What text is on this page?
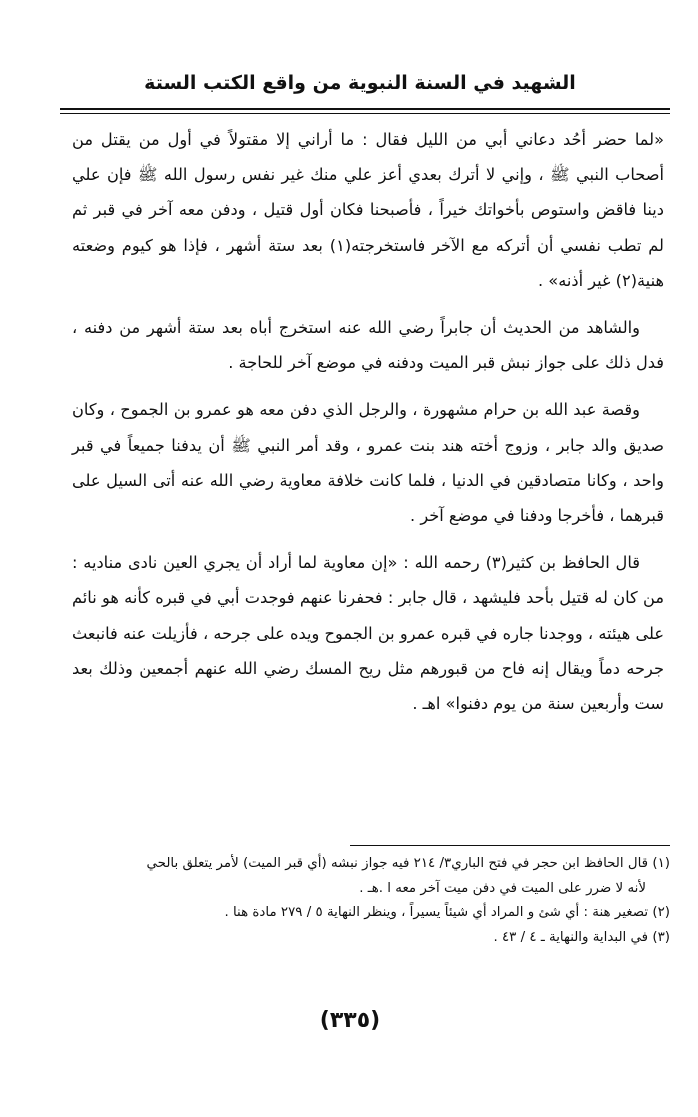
الشهيد في السنة النبوية من واقع الكتب الستة

«لما حضر أحُد دعاني أبي من الليل فقال : ما أراني إلا مقتولاً في أول من يقتل من أصحاب النبي ﷺ ، وإني لا أترك بعدي أعز علي منك غير نفس رسول الله ﷺ فإن علي دينا فاقض واستوص بأخواتك خيراً ، فأصبحنا فكان أول قتيل ، ودفن معه آخر في قبر ثم لم تطب نفسي أن أتركه مع الآخر فاستخرجته(١) بعد ستة أشهر ، فإذا هو كيوم وضعته هنية(٢) غير أذنه» .

والشاهد من الحديث أن جابراً رضي الله عنه استخرج أباه بعد ستة أشهر من دفنه ، فدل ذلك على جواز نبش قبر الميت ودفنه في موضع آخر للحاجة .

وقصة عبد الله بن حرام مشهورة ، والرجل الذي دفن معه هو عمرو بن الجموح ، وكان صديق والد جابر ، وزوج أخته هند بنت عمرو ، وقد أمر النبي ﷺ أن يدفنا جميعاً في قبر واحد ، وكانا متصادقين في الدنيا ، فلما كانت خلافة معاوية رضي الله عنه أتى السيل على قبرهما ، فأخرجا ودفنا في موضع آخر .

قال الحافظ بن كثير(٣) رحمه الله : «إن معاوية لما أراد أن يجري العين نادى مناديه : من كان له قتيل بأحد فليشهد ، قال جابر : فحفرنا عنهم فوجدت أبي في قبره كأنه هو نائم على هيئته ، ووجدنا جاره في قبره عمرو بن الجموح ويده على جرحه ، فأزيلت عنه فانبعث جرحه دماً ويقال إنه فاح من قبورهم مثل ريح المسك رضي الله عنهم أجمعين وذلك بعد ست وأربعين سنة من يوم دفنوا» اهـ .

(١) قال الحافظ ابن حجر في فتح الباري٣/ ٢١٤ فيه جواز نبشه (أي قبر الميت) لأمر يتعلق بالحي

لأنه لا ضرر على الميت في دفن ميت آخر معه ا .هـ .

(٢) تصغير هنة : أي شئ و المراد أي شيئاً يسيراً ، وينظر النهاية ٥ / ٢٧٩ مادة هنا .

(٣) في البداية والنهاية ـ ٤ / ٤٣ .

(٣٣٥)
